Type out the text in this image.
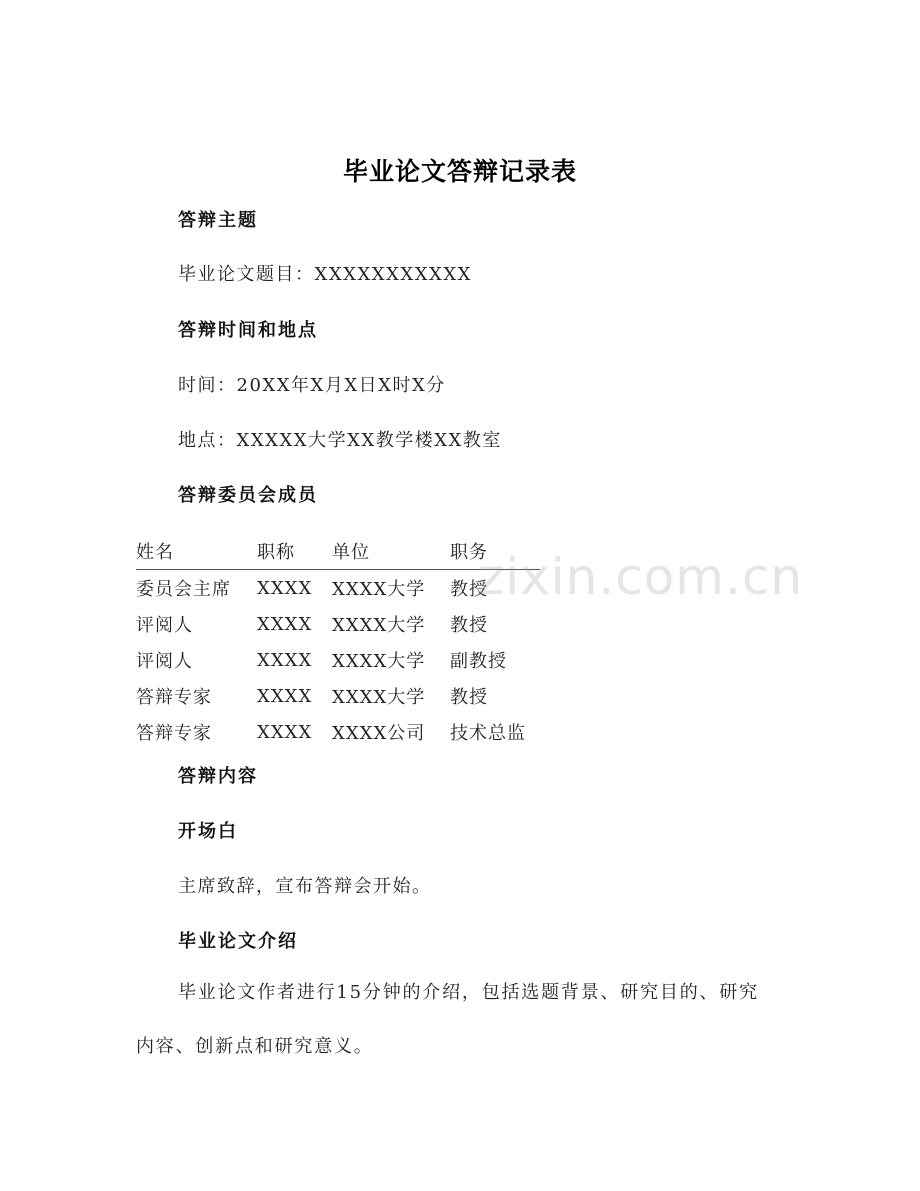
毕业论文答辩记录表
答辩主题
毕业论文题目：XXXXXXXXXXX
答辩时间和地点
时间：20XX年X月X日X时X分
地点：XXXXX大学XX教学楼XX教室
答辩委员会成员
姓名	职称	单位	职务
委员会主席	XXXX	XXXX大学	教授
评阅人	XXXX	XXXX大学	教授
评阅人	XXXX	XXXX大学	副教授
答辩专家	XXXX	XXXX大学	教授
答辩专家	XXXX	XXXX公司	技术总监
答辩内容
开场白
主席致辞，宣布答辩会开始。
毕业论文介绍
毕业论文作者进行15分钟的介绍，包括选题背景、研究目的、研究内容、创新点和研究意义。
zixin.com.cn
